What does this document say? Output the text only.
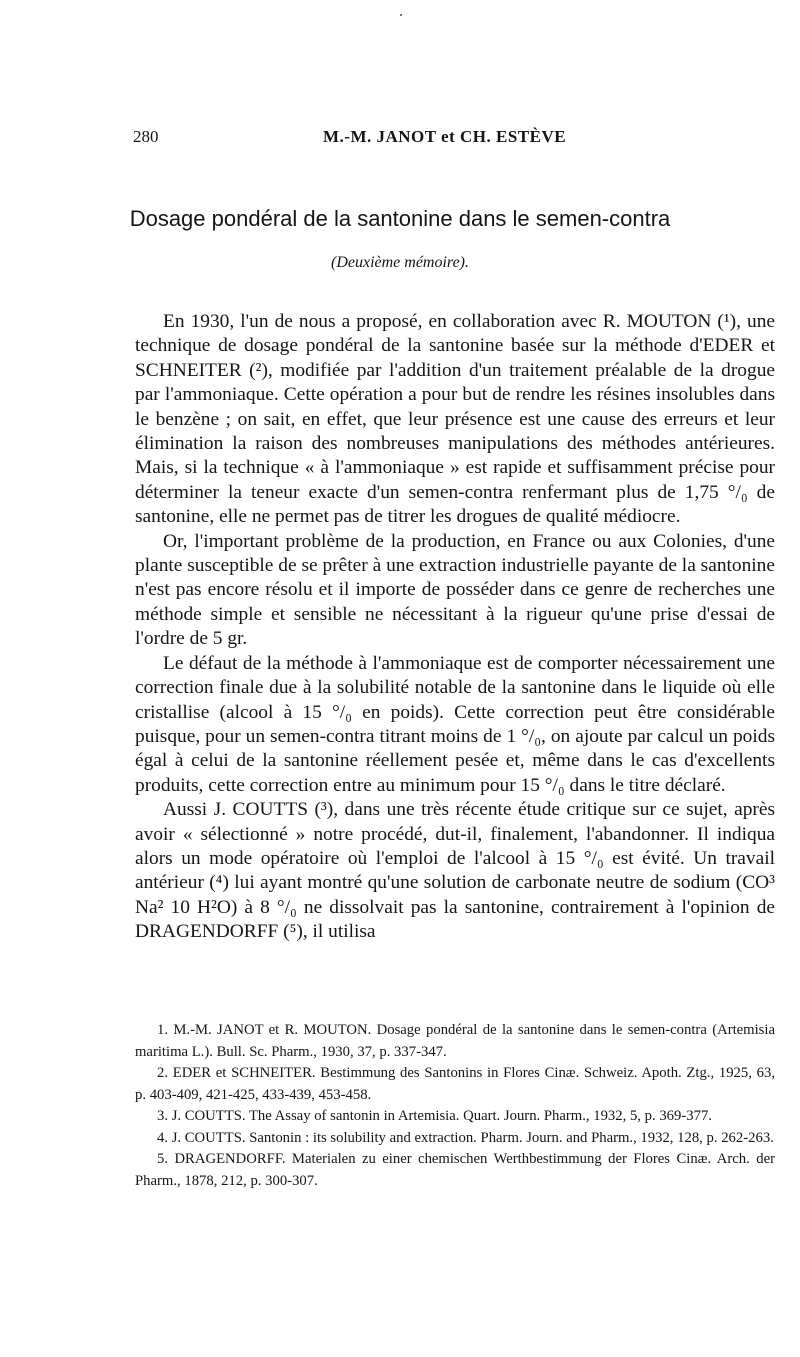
280	M.-M. JANOT et CH. ESTÈVE
Dosage pondéral de la santonine dans le semen-contra
(Deuxième mémoire).

En 1930, l'un de nous a proposé, en collaboration avec R. MOUTON (¹), une technique de dosage pondéral de la santonine basée sur la méthode d'EDER et SCHNEITER (²), modifiée par l'addition d'un traitement préalable de la drogue par l'ammoniaque. Cette opération a pour but de rendre les résines insolubles dans le benzène ; on sait, en effet, que leur présence est une cause des erreurs et leur élimination la raison des nombreuses manipulations des méthodes antérieures. Mais, si la technique « à l'ammoniaque » est rapide et suffisamment précise pour déterminer la teneur exacte d'un semen-contra renfermant plus de 1,75 °/₀ de santonine, elle ne permet pas de titrer les drogues de qualité médiocre.

Or, l'important problème de la production, en France ou aux Colonies, d'une plante susceptible de se prêter à une extraction industrielle payante de la santonine n'est pas encore résolu et il importe de posséder dans ce genre de recherches une méthode simple et sensible ne nécessitant à la rigueur qu'une prise d'essai de l'ordre de 5 gr.

Le défaut de la méthode à l'ammoniaque est de comporter nécessairement une correction finale due à la solubilité notable de la santonine dans le liquide où elle cristallise (alcool à 15 °/₀ en poids). Cette correction peut être considérable puisque, pour un semen-contra titrant moins de 1 °/₀, on ajoute par calcul un poids égal à celui de la santonine réellement pesée et, même dans le cas d'excellents produits, cette correction entre au minimum pour 15 °/₀ dans le titre déclaré.

Aussi J. COUTTS (³), dans une très récente étude critique sur ce sujet, après avoir « sélectionné » notre procédé, dut-il, finalement, l'abandonner. Il indiqua alors un mode opératoire où l'emploi de l'alcool à 15 °/₀ est évité. Un travail antérieur (⁴) lui ayant montré qu'une solution de carbonate neutre de sodium (CO³ Na² 10 H²O) à 8 °/₀ ne dissolvait pas la santonine, contrairement à l'opinion de DRAGENDORFF (⁵), il utilisa

1. M.-M. JANOT et R. MOUTON. Dosage pondéral de la santonine dans le semen-contra (Artemisia maritima L.). Bull. Sc. Pharm., 1930, 37, p. 337-347.

2. EDER et SCHNEITER. Bestimmung des Santonins in Flores Cinæ. Schweiz. Apoth. Ztg., 1925, 63, p. 403-409, 421-425, 433-439, 453-458.

3. J. COUTTS. The Assay of santonin in Artemisia. Quart. Journ. Pharm., 1932, 5, p. 369-377.

4. J. COUTTS. Santonin : its solubility and extraction. Pharm. Journ. and Pharm., 1932, 128, p. 262-263.

5. DRAGENDORFF. Materialen zu einer chemischen Werthbestimmung der Flores Cinæ. Arch. der Pharm., 1878, 212, p. 300-307.
